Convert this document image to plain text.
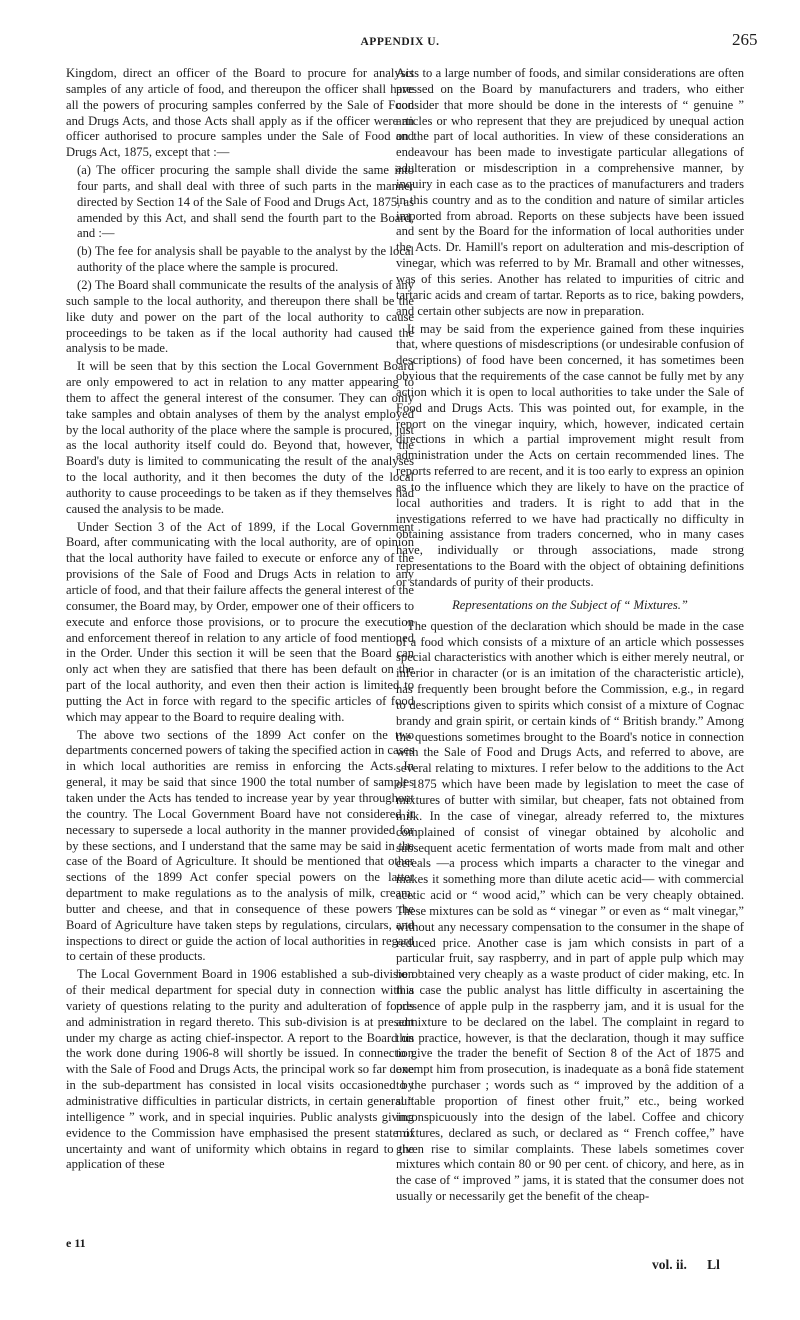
APPENDIX U.	265

Kingdom, direct an officer of the Board to procure for analysis samples of any article of food, and thereupon the officer shall have all the powers of procuring samples conferred by the Sale of Food and Drugs Acts, and those Acts shall apply as if the officer were an officer authorised to procure samples under the Sale of Food and Drugs Act, 1875, except that :—

(a) The officer procuring the sample shall divide the same into four parts, and shall deal with three of such parts in the manner directed by Section 14 of the Sale of Food and Drugs Act, 1875, as amended by this Act, and shall send the fourth part to the Board, and :—

(b) The fee for analysis shall be payable to the analyst by the local authority of the place where the sample is procured.

(2) The Board shall communicate the results of the analysis of any such sample to the local authority, and thereupon there shall be the like duty and power on the part of the local authority to cause proceedings to be taken as if the local authority had caused the analysis to be made.

It will be seen that by this section the Local Government Board are only empowered to act in relation to any matter appearing to them to affect the general interest of the consumer. They can only take samples and obtain analyses of them by the analyst employed by the local authority of the place where the sample is procured, just as the local authority itself could do. Beyond that, however, the Board's duty is limited to communicating the result of the analyses to the local authority, and it then becomes the duty of the local authority to cause proceedings to be taken as if they themselves had caused the analysis to be made.

Under Section 3 of the Act of 1899, if the Local Government Board, after communicating with the local authority, are of opinion that the local authority have failed to execute or enforce any of the provisions of the Sale of Food and Drugs Acts in relation to any article of food, and that their failure affects the general interest of the consumer, the Board may, by Order, empower one of their officers to execute and enforce those provisions, or to procure the execution and enforcement thereof in relation to any article of food mentioned in the Order. Under this section it will be seen that the Board can only act when they are satisfied that there has been default on the part of the local authority, and even then their action is limited to putting the Act in force with regard to the specific articles of food which may appear to the Board to require dealing with.

The above two sections of the 1899 Act confer on the two departments concerned powers of taking the specified action in cases in which local authorities are remiss in enforcing the Acts. In general, it may be said that since 1900 the total number of samples taken under the Acts has tended to increase year by year throughout the country. The Local Government Board have not considered it necessary to supersede a local authority in the manner provided for by these sections, and I understand that the same may be said in the case of the Board of Agriculture. It should be mentioned that other sections of the 1899 Act confer special powers on the latter department to make regulations as to the analysis of milk, cream, butter and cheese, and that in consequence of these powers the Board of Agriculture have taken steps by regulations, circulars, and inspections to direct or guide the action of local authorities in regard to certain of these products.

The Local Government Board in 1906 established a sub-division of their medical department for special duty in connection with a variety of questions relating to the purity and adulteration of foods and administration in regard thereto. This sub-division is at present under my charge as acting chief-inspector. A report to the Board on the work done during 1906-8 will shortly be issued. In connection with the Sale of Food and Drugs Acts, the principal work so far done in the sub-department has consisted in local visits occasioned by administrative difficulties in particular districts, in certain general “ intelligence ” work, and in special inquiries. Public analysts giving evidence to the Commission have emphasised the present state of uncertainty and want of uniformity which obtains in regard to the application of these

Acts to a large number of foods, and similar considerations are often pressed on the Board by manufacturers and traders, who either consider that more should be done in the interests of “ genuine ” articles or who represent that they are prejudiced by unequal action on the part of local authorities. In view of these considerations an endeavour has been made to investigate particular allegations of adulteration or misdescription in a comprehensive manner, by inquiry in each case as to the practices of manufacturers and traders in this country and as to the condition and nature of similar articles imported from abroad. Reports on these subjects have been issued and sent by the Board for the information of local authorities under the Acts. Dr. Hamill's report on adulteration and mis-description of vinegar, which was referred to by Mr. Bramall and other witnesses, was of this series. Another has related to impurities of citric and tartaric acids and cream of tartar. Reports as to rice, baking powders, and certain other subjects are now in preparation.

It may be said from the experience gained from these inquiries that, where questions of misdescriptions (or undesirable confusion of descriptions) of food have been concerned, it has sometimes been obvious that the requirements of the case cannot be fully met by any action which it is open to local authorities to take under the Sale of Food and Drugs Acts. This was pointed out, for example, in the report on the vinegar inquiry, which, however, indicated certain directions in which a partial improvement might result from administration under the Acts on certain recommended lines. The reports referred to are recent, and it is too early to express an opinion as to the influence which they are likely to have on the practice of local authorities and traders. It is right to add that in the investigations referred to we have had practically no difficulty in obtaining assistance from traders concerned, who in many cases have, individually or through associations, made strong representations to the Board with the object of obtaining definitions or standards of purity of their products.

Representations on the Subject of “ Mixtures.”

The question of the declaration which should be made in the case of a food which consists of a mixture of an article which possesses special characteristics with another which is either merely neutral, or inferior in character (or is an imitation of the characteristic article), has frequently been brought before the Commission, e.g., in regard to descriptions given to spirits which consist of a mixture of Cognac brandy and grain spirit, or certain kinds of “ British brandy.” Among the questions sometimes brought to the Board's notice in connection with the Sale of Food and Drugs Acts, and referred to above, are several relating to mixtures. I refer below to the additions to the Act of 1875 which have been made by legislation to meet the case of mixtures of butter with similar, but cheaper, fats not obtained from milk. In the case of vinegar, already referred to, the mixtures complained of consist of vinegar obtained by alcoholic and subsequent acetic fermentation of worts made from malt and other cereals —a process which imparts a character to the vinegar and makes it something more than dilute acetic acid— with commercial acetic acid or “ wood acid,” which can be very cheaply obtained. These mixtures can be sold as “ vinegar ” or even as “ malt vinegar,” without any necessary compensation to the consumer in the shape of reduced price. Another case is jam which consists in part of a particular fruit, say raspberry, and in part of apple pulp which may be obtained very cheaply as a waste product of cider making, etc. In this case the public analyst has little difficulty in ascertaining the presence of apple pulp in the raspberry jam, and it is usual for the admixture to be declared on the label. The complaint in regard to this practice, however, is that the declaration, though it may suffice to give the trader the benefit of Section 8 of the Act of 1875 and exempt him from prosecution, is inadequate as a bonâ fide statement to the purchaser ; words such as “ improved by the addition of a suitable proportion of finest other fruit,” etc., being worked inconspicuously into the design of the label. Coffee and chicory mixtures, declared as such, or declared as “ French coffee,” have given rise to similar complaints. These labels sometimes cover mixtures which contain 80 or 90 per cent. of chicory, and here, as in the case of “ improved ” jams, it is stated that the consumer does not usually or necessarily get the benefit of the cheap-

e 11
vol. ii.      Ll
